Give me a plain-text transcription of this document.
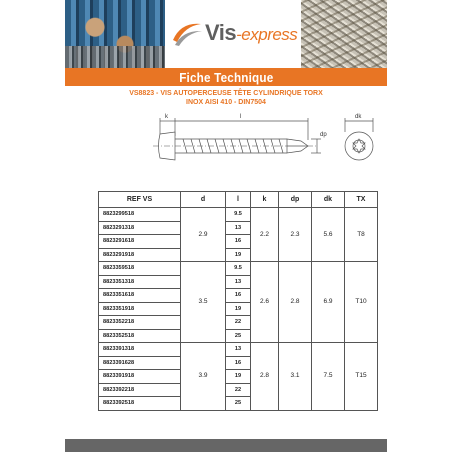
Vis-express
Fiche Technique
VS8823 - VIS AUTOPERCEUSE TÊTE CYLINDRIQUE TORX
INOX AISI 410 - DIN7504
k	l
dp
dk
REF VS	d	l	k	dp	dk	TX
8823299518	2.9	9.5	2.2	2.3	5.6	T8
8823291318		13				
8823291618		16				
8823291918		19				
8823359518	3.5	9.5	2.6	2.8	6.9	T10
8823351318		13				
8823351618		16				
8823351918		19				
8823352218		22				
8823352518		25				
8823391318	3.9	13	2.8	3.1	7.5	T15
8823391628		16				
8823391918		19				
8823392218		22				
8823392518		25				
